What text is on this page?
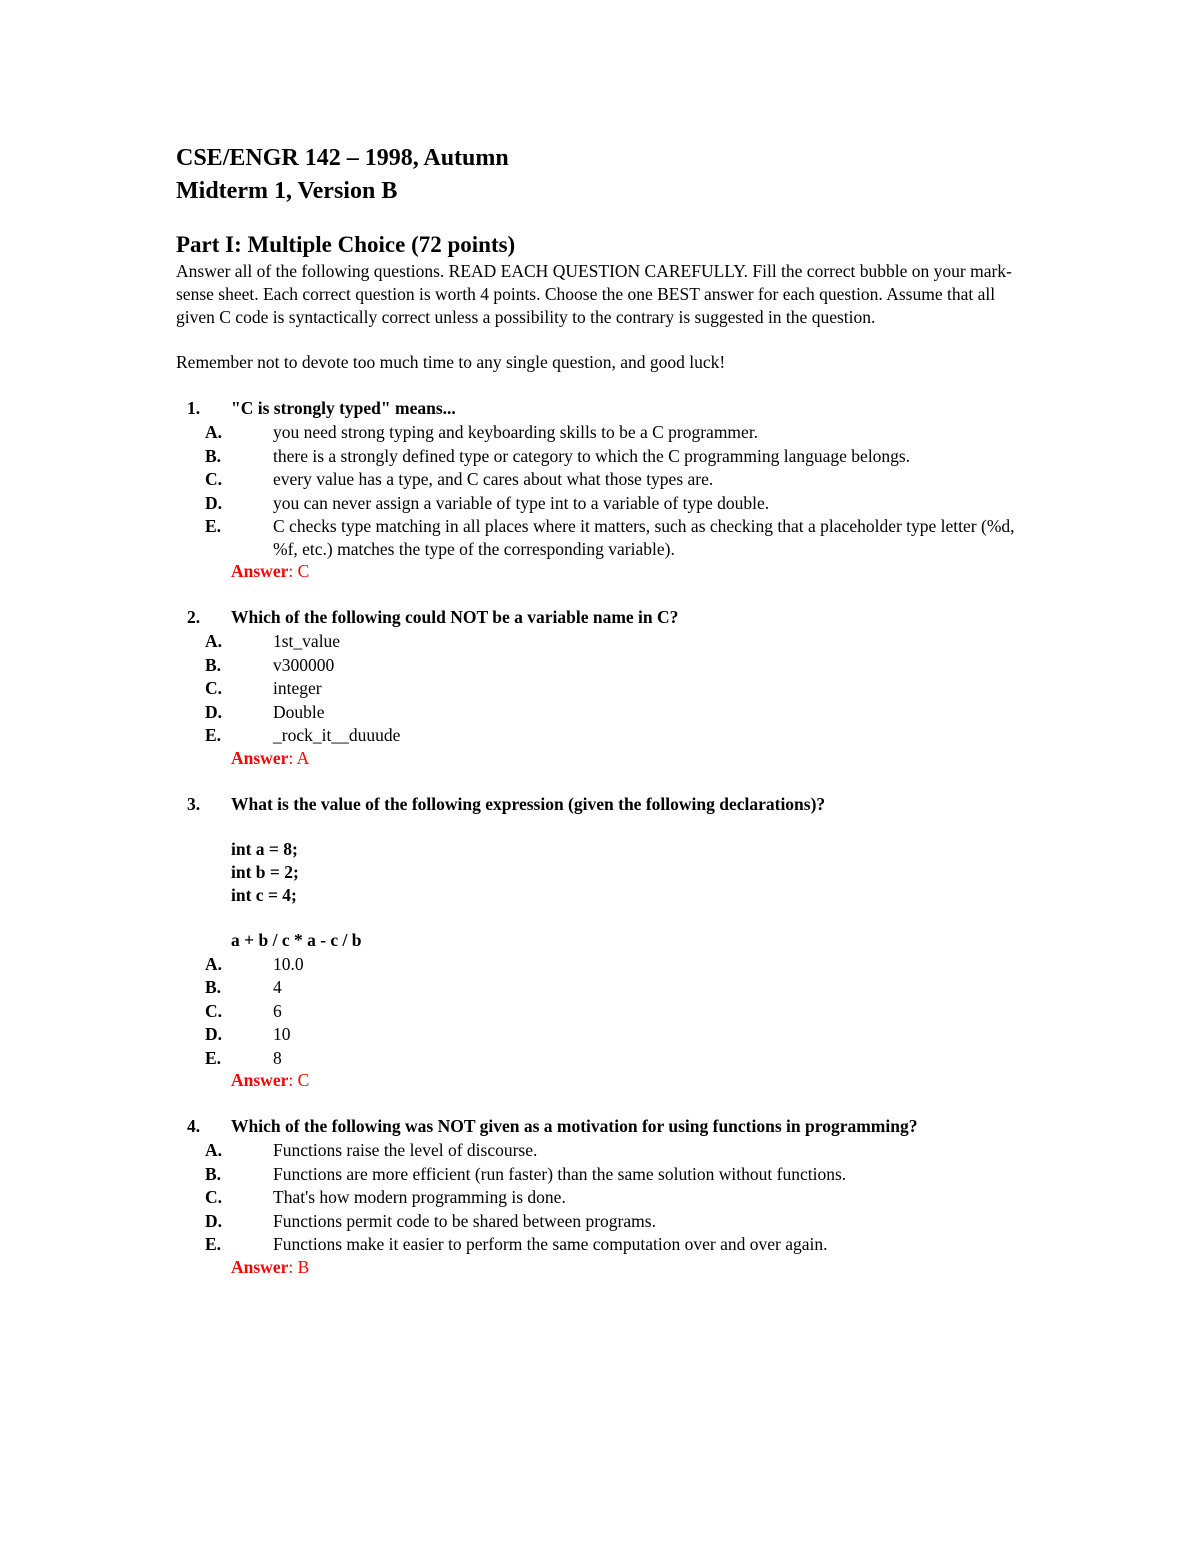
CSE/ENGR 142 – 1998, Autumn

Midterm 1, Version B

Part I: Multiple Choice (72 points)

Answer all of the following questions. READ EACH QUESTION CAREFULLY. Fill the correct bubble on your mark-sense sheet. Each correct question is worth 4 points. Choose the one BEST answer for each question. Assume that all given C code is syntactically correct unless a possibility to the contrary is suggested in the question.

Remember not to devote too much time to any single question, and good luck!

1. "C is strongly typed" means...
A.	you need strong typing and keyboarding skills to be a C programmer.
B.	there is a strongly defined type or category to which the C programming language belongs.
C.	every value has a type, and C cares about what those types are.
D.	you can never assign a variable of type int to a variable of type double.
E.	C checks type matching in all places where it matters, such as checking that a placeholder type letter (%d, %f, etc.) matches the type of the corresponding variable).
Answer: C
2. Which of the following could NOT be a variable name in C?
A.	1st_value
B.	v300000
C.	integer
D.	Double
E.	_rock_it__duuude
Answer: A
3. What is the value of the following expression (given the following declarations)?
int a = 8;
int b = 2;
int c = 4;
a + b / c * a - c / b
A.	10.0
B.	4
C.	6
D.	10
E.	8
Answer: C
4. Which of the following was NOT given as a motivation for using functions in programming?
A.	Functions raise the level of discourse.
B.	Functions are more efficient (run faster) than the same solution without functions.
C.	That's how modern programming is done.
D.	Functions permit code to be shared between programs.
E.	Functions make it easier to perform the same computation over and over again.
Answer: B
